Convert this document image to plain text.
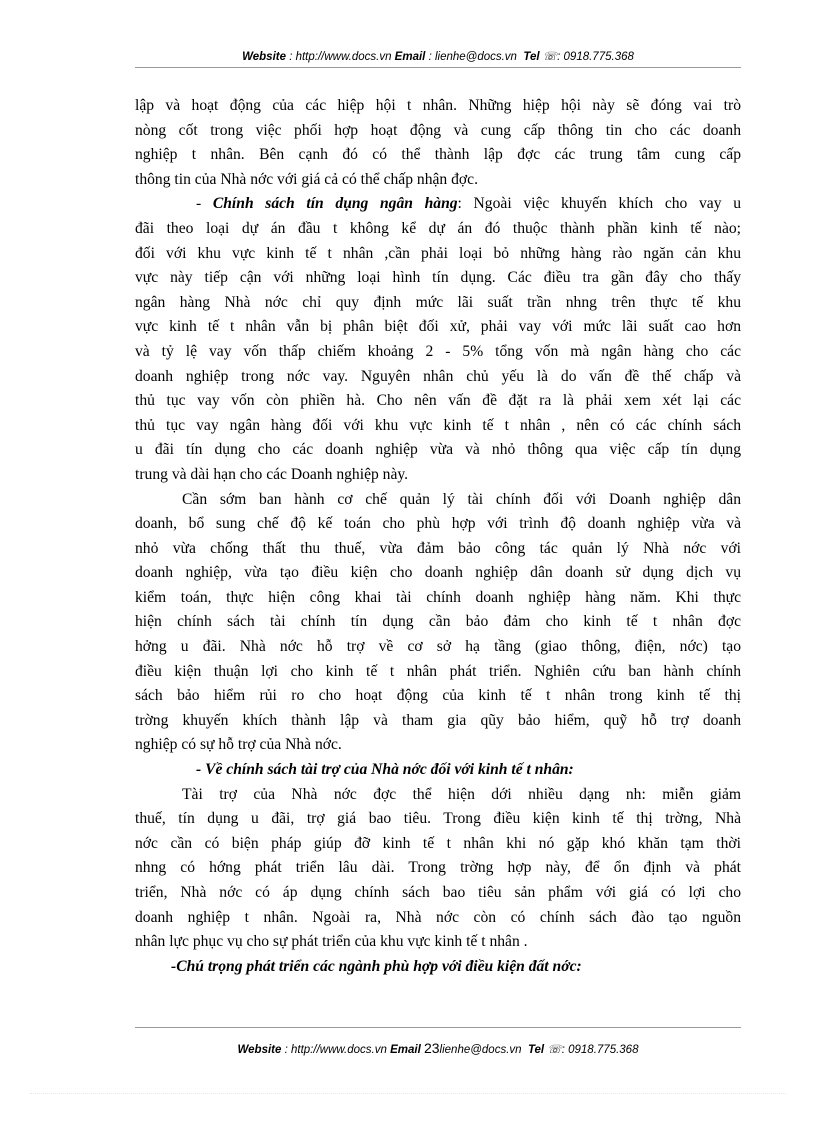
Website : http://www.docs.vn Email : lienhe@docs.vn Tel ☏: 0918.775.368
lập và hoạt động của các hiệp hội t nhân. Những hiệp hội này sẽ đóng vai trò
nòng cốt trong việc phối hợp hoạt động và cung cấp thông tin cho các doanh
nghiệp t nhân. Bên cạnh đó có thể thành lập đợc các trung tâm cung cấp
thông tin của Nhà nớc với giá cả có thể chấp nhận đợc.
- Chính sách tín dụng ngân hàng: Ngoài việc khuyến khích cho vay u
đãi theo loại dự án đầu t không kể dự án đó thuộc thành phần kinh tế nào;
đối với khu vực kinh tế t nhân ,cần phải loại bỏ những hàng rào ngăn cản khu
vực này tiếp cận với những loại hình tín dụng. Các điều tra gần đây cho thấy
ngân hàng Nhà nớc chỉ quy định mức lãi suất trần nhng trên thực tế khu
vực kinh tế t nhân vẫn bị phân biệt đối xử, phải vay với mức lãi suất cao hơn
và tỷ lệ vay vốn thấp chiếm khoảng 2 - 5% tổng vốn mà ngân hàng cho các
doanh nghiệp trong nớc vay. Nguyên nhân chủ yếu là do vấn đề thế chấp và
thủ tục vay vốn còn phiền hà. Cho nên vấn đề đặt ra là phải xem xét lại các
thủ tục vay ngân hàng đối với khu vực kinh tế t nhân , nên có các chính sách
u đãi tín dụng cho các doanh nghiệp vừa và nhỏ thông qua việc cấp tín dụng
trung và dài hạn cho các Doanh nghiệp này.
Cần sớm ban hành cơ chế quản lý tài chính đối với Doanh nghiệp dân
doanh, bổ sung chế độ kế toán cho phù hợp với trình độ doanh nghiệp vừa và
nhỏ vừa chống thất thu thuế, vừa đảm bảo công tác quản lý Nhà nớc với
doanh nghiệp, vừa tạo điều kiện cho doanh nghiệp dân doanh sử dụng dịch vụ
kiểm toán, thực hiện công khai tài chính doanh nghiệp hàng năm. Khi thực
hiện chính sách tài chính tín dụng cần bảo đảm cho kinh tế t nhân đợc
hởng u đãi. Nhà nớc hỗ trợ về cơ sở hạ tầng (giao thông, điện, nớc) tạo
điều kiện thuận lợi cho kinh tế t nhân phát triển. Nghiên cứu ban hành chính
sách bảo hiểm rủi ro cho hoạt động của kinh tế t nhân trong kinh tế thị
trờng khuyến khích thành lập và tham gia qũy bảo hiểm, quỹ hỗ trợ doanh
nghiệp có sự hỗ trợ của Nhà nớc.
- Về chính sách tài trợ của Nhà nớc đối với kinh tế t nhân:
Tài trợ của Nhà nớc đợc thể hiện dới nhiều dạng nh: miễn giảm
thuế, tín dụng u đãi, trợ giá bao tiêu. Trong điều kiện kinh tế thị trờng, Nhà
nớc cần có biện pháp giúp đỡ kinh tế t nhân khi nó gặp khó khăn tạm thời
nhng có hớng phát triển lâu dài. Trong trờng hợp này, để ổn định và phát
triển, Nhà nớc có áp dụng chính sách bao tiêu sản phẩm với giá có lợi cho
doanh nghiệp t nhân. Ngoài ra, Nhà nớc còn có chính sách đào tạo nguồn
nhân lực phục vụ cho sự phát triển của khu vực kinh tế t nhân .
-Chú trọng phát triển các ngành phù hợp với điều kiện đất nớc:
Website : http://www.docs.vn Email 23lienhe@docs.vn Tel ☏: 0918.775.368
